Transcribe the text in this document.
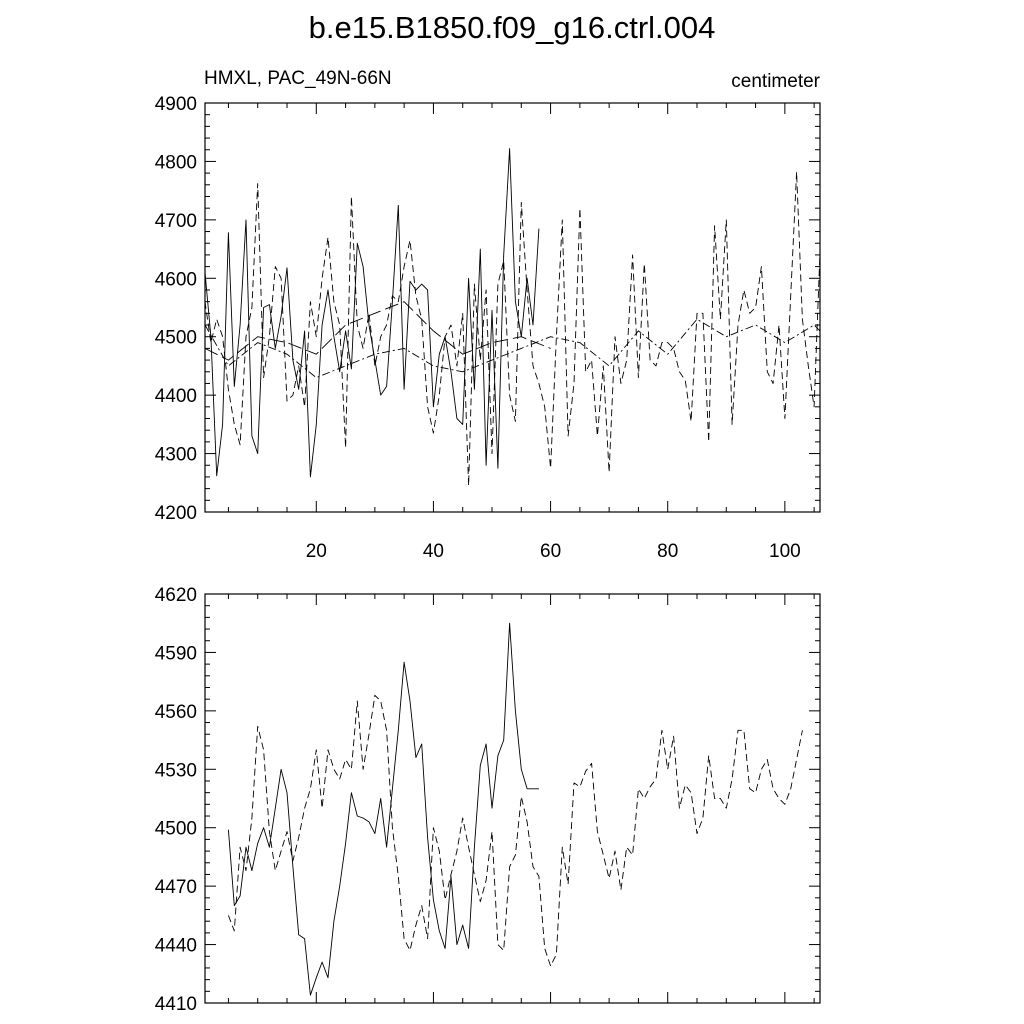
b.e15.B1850.f09_g16.ctrl.004
HMXL, PAC_49N-66N	centimeter
4200
4300
4400
4500
4600
4700
4800
4900
20	40	60	80	100
4410
4440
4470
4500
4530
4560
4590
4620
